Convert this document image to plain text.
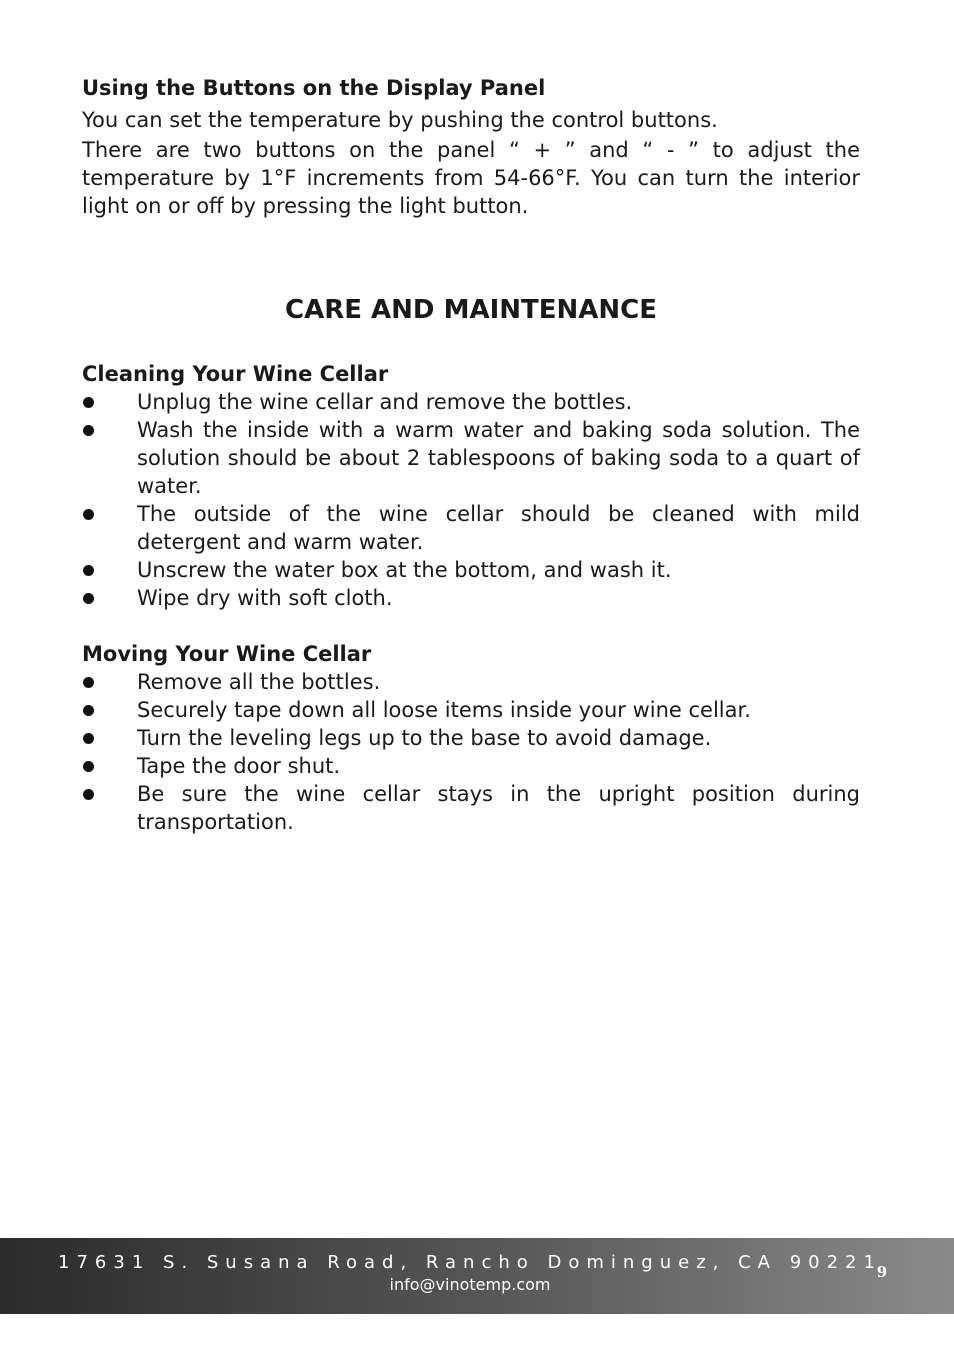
Using the Buttons on the Display Panel

You can set the temperature by pushing the control buttons.

There are two buttons on the panel “ + ” and “ - ” to adjust the temperature by 1°F increments from 54-66°F. You can turn the interior light on or off by pressing the light button.

CARE AND MAINTENANCE
Cleaning Your Wine Cellar
Unplug the wine cellar and remove the bottles.
Wash the inside with a warm water and baking soda solution. The solution should be about 2 tablespoons of baking soda to a quart of water.
The outside of the wine cellar should be cleaned with mild detergent and warm water.
Unscrew the water box at the bottom, and wash it.
Wipe dry with soft cloth.
Moving Your Wine Cellar
Remove all the bottles.
Securely tape down all loose items inside your wine cellar.
Turn the leveling legs up to the base to avoid damage.
Tape the door shut.
Be sure the wine cellar stays in the upright position during transportation.
17631 S. Susana Road, Rancho Dominguez, CA 90221
info@vinotemp.com
9
